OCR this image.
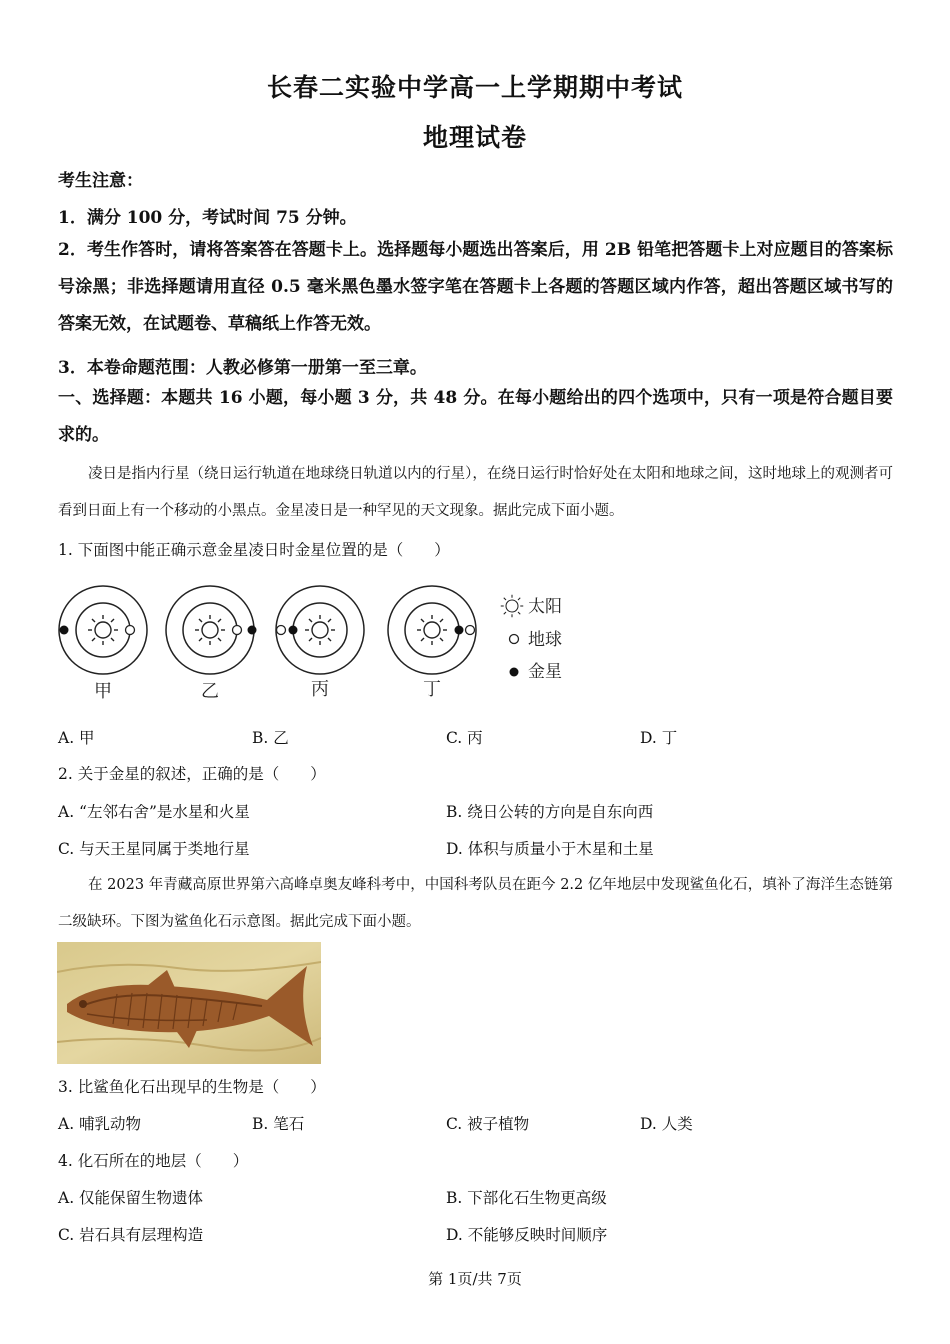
长春二实验中学高一上学期期中考试
地理试卷
考生注意：
1．满分 100 分，考试时间 75 分钟。
2．考生作答时，请将答案答在答题卡上。选择题每小题选出答案后，用 2B 铅笔把答题卡上对应题目的答案标号涂黑；非选择题请用直径 0.5 毫米黑色墨水签字笔在答题卡上各题的答题区域内作答，超出答题区域书写的答案无效，在试题卷、草稿纸上作答无效。
3．本卷命题范围：人教必修第一册第一至三章。
一、选择题：本题共 16 小题，每小题 3 分，共 48 分。在每小题给出的四个选项中，只有一项是符合题目要求的。
凌日是指内行星（绕日运行轨道在地球绕日轨道以内的行星），在绕日运行时恰好处在太阳和地球之间，这时地球上的观测者可看到日面上有一个移动的小黑点。金星凌日是一种罕见的天文现象。据此完成下面小题。
1. 下面图中能正确示意金星凌日时金星位置的是（　　）
甲	乙	丙	丁
太阳
地球
金星
A. 甲	B. 乙	C. 丙	D. 丁
2. 关于金星的叙述，正确的是（　　）
A. “左邻右舍”是水星和火星	B. 绕日公转的方向是自东向西
C. 与天王星同属于类地行星	D. 体积与质量小于木星和土星
在 2023 年青藏高原世界第六高峰卓奥友峰科考中，中国科考队员在距今 2.2 亿年地层中发现鲨鱼化石，填补了海洋生态链第二级缺环。下图为鲨鱼化石示意图。据此完成下面小题。
3. 比鲨鱼化石出现早的生物是（　　）
A. 哺乳动物	B. 笔石	C. 被子植物	D. 人类
4. 化石所在的地层（　　）
A. 仅能保留生物遗体	B. 下部化石生物更高级
C. 岩石具有层理构造	D. 不能够反映时间顺序
第 1页/共 7页
